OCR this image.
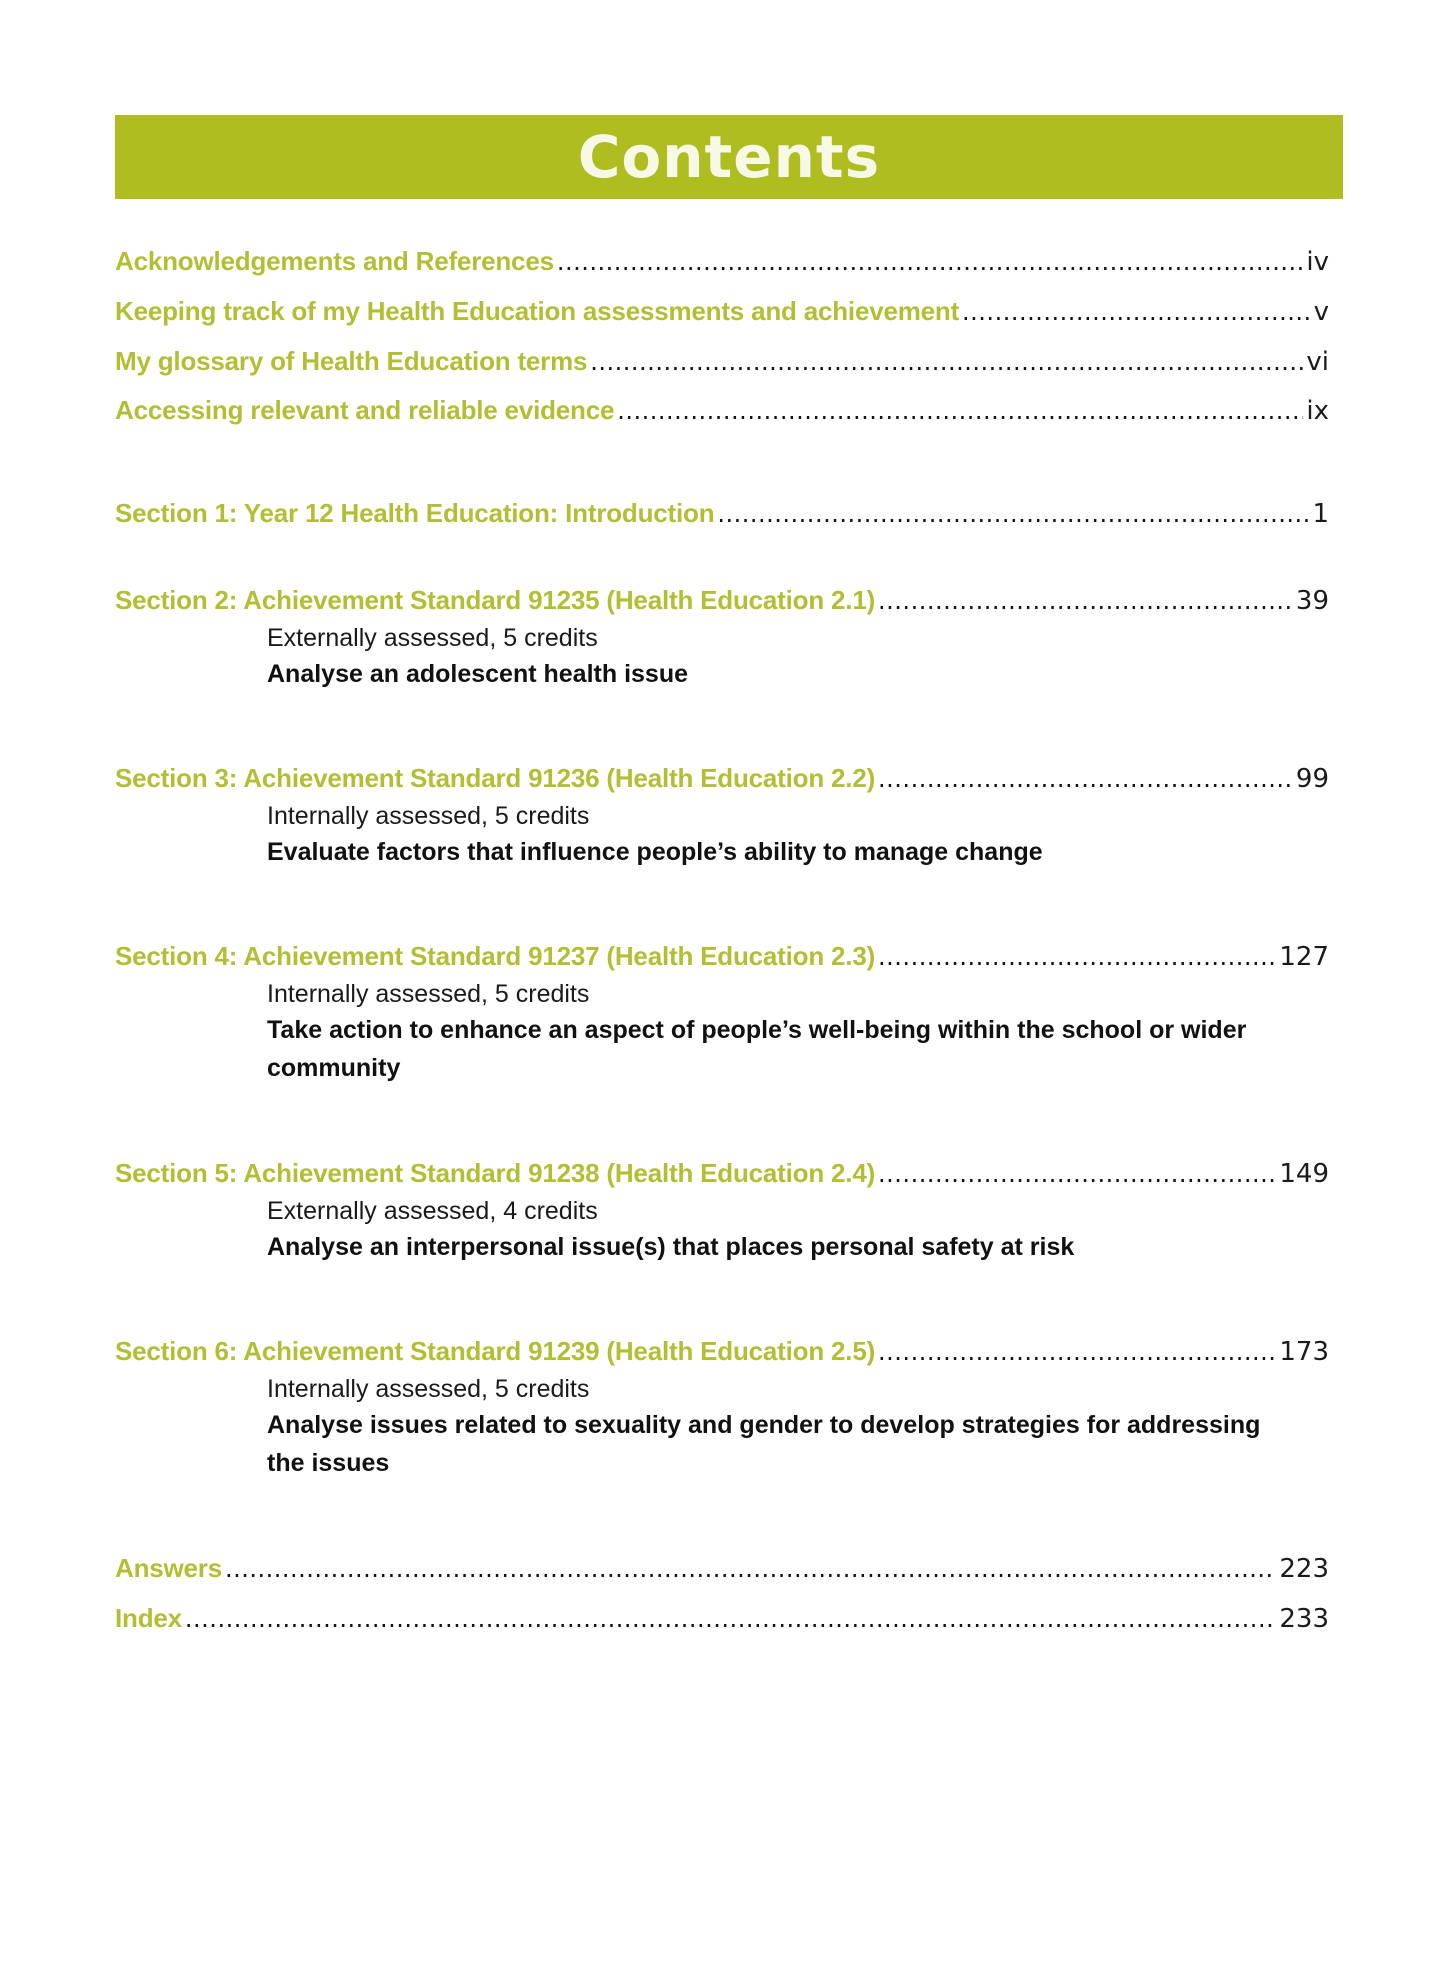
Contents
Acknowledgements and References .....	iv
Keeping track of my Health Education assessments and achievement .....	v
My glossary of Health Education terms .....	vi
Accessing relevant and reliable evidence .....	ix
Section 1: Year 12 Health Education: Introduction .....	1
Section 2: Achievement Standard 91235 (Health Education 2.1) .....	39
Externally assessed, 5 credits
Analyse an adolescent health issue
Section 3: Achievement Standard 91236 (Health Education 2.2) .....	99
Internally assessed, 5 credits
Evaluate factors that influence people’s ability to manage change
Section 4: Achievement Standard 91237 (Health Education 2.3) .....	127
Internally assessed, 5 credits
Take action to enhance an aspect of people’s well-being within the school or wider community
Section 5: Achievement Standard 91238 (Health Education 2.4) .....	149
Externally assessed, 4 credits
Analyse an interpersonal issue(s) that places personal safety at risk
Section 6: Achievement Standard 91239 (Health Education 2.5) .....	173
Internally assessed, 5 credits
Analyse issues related to sexuality and gender to develop strategies for addressing the issues
Answers .....	223
Index .....	233
